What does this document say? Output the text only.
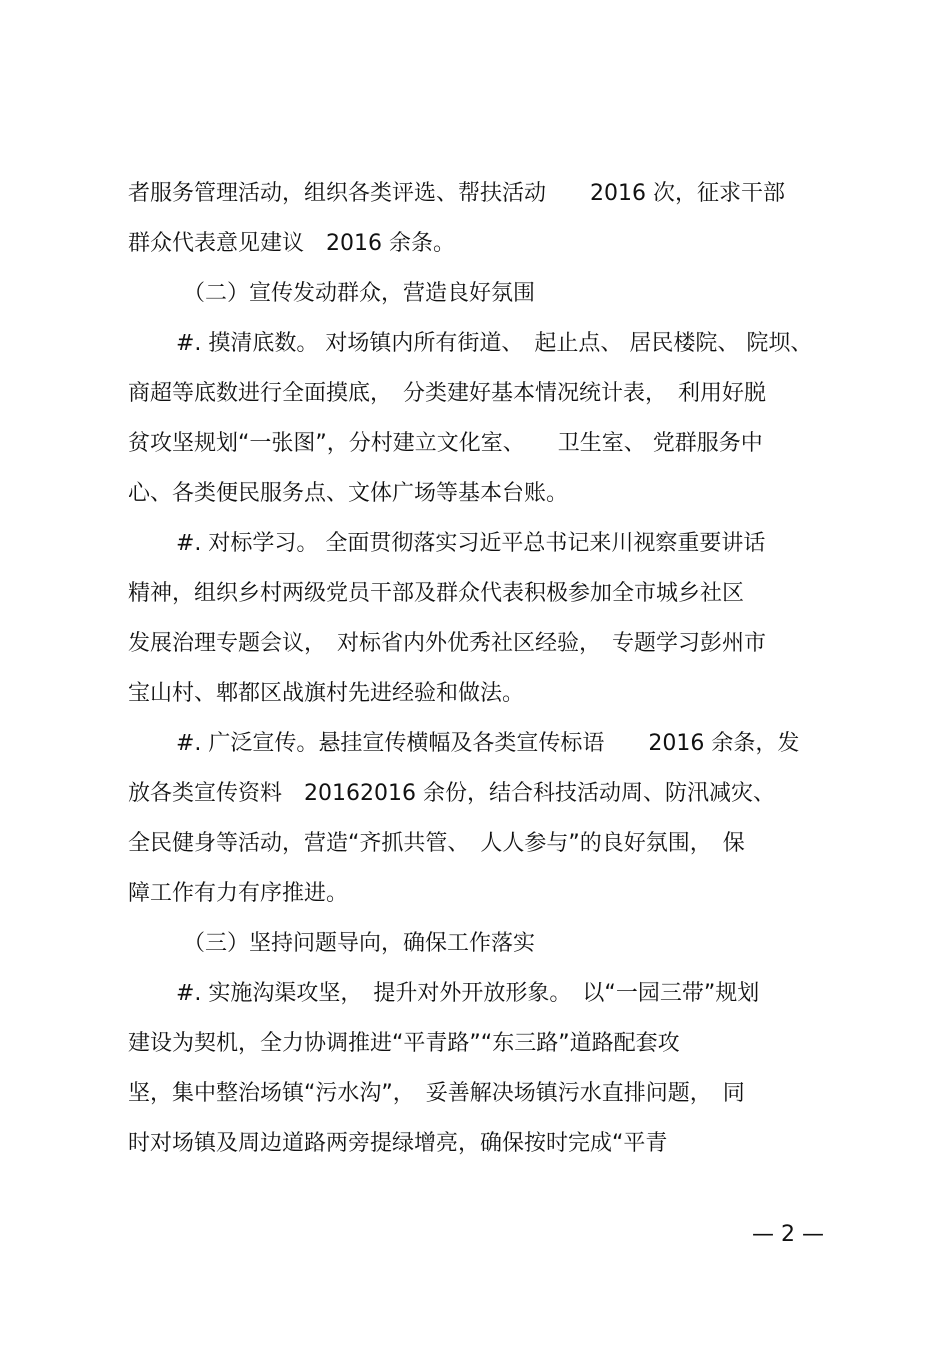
者服务管理活动，组织各类评选、帮扶活动　　2016 次，征求干部
群众代表意见建议　2016 余条。
（二）宣传发动群众，营造良好氛围
#. 摸清底数。 对场镇内所有街道、　起止点、 居民楼院、 院坝、
商超等底数进行全面摸底，　分类建好基本情况统计表，　利用好脱
贫攻坚规划“一张图”，分村建立文化室、　　卫生室、 党群服务中
心、各类便民服务点、文体广场等基本台账。
#. 对标学习。 全面贯彻落实习近平总书记来川视察重要讲话
精神，组织乡村两级党员干部及群众代表积极参加全市城乡社区
发展治理专题会议，　对标省内外优秀社区经验，　专题学习彭州市
宝山村、郫都区战旗村先进经验和做法。
#. 广泛宣传。悬挂宣传横幅及各类宣传标语　　2016 余条，发
放各类宣传资料　20162016 余份，结合科技活动周、防汛减灾、
全民健身等活动，营造“齐抓共管、　人人参与”的良好氛围，　保
障工作有力有序推进。
（三）坚持问题导向，确保工作落实
#. 实施沟渠攻坚，　提升对外开放形象。　以“一园三带”规划
建设为契机，全力协调推进“平青路”“东三路”道路配套攻
坚，集中整治场镇“污水沟”，　妥善解决场镇污水直排问题，　同
时对场镇及周边道路两旁提绿增亮，确保按时完成“平青
— 2 —
